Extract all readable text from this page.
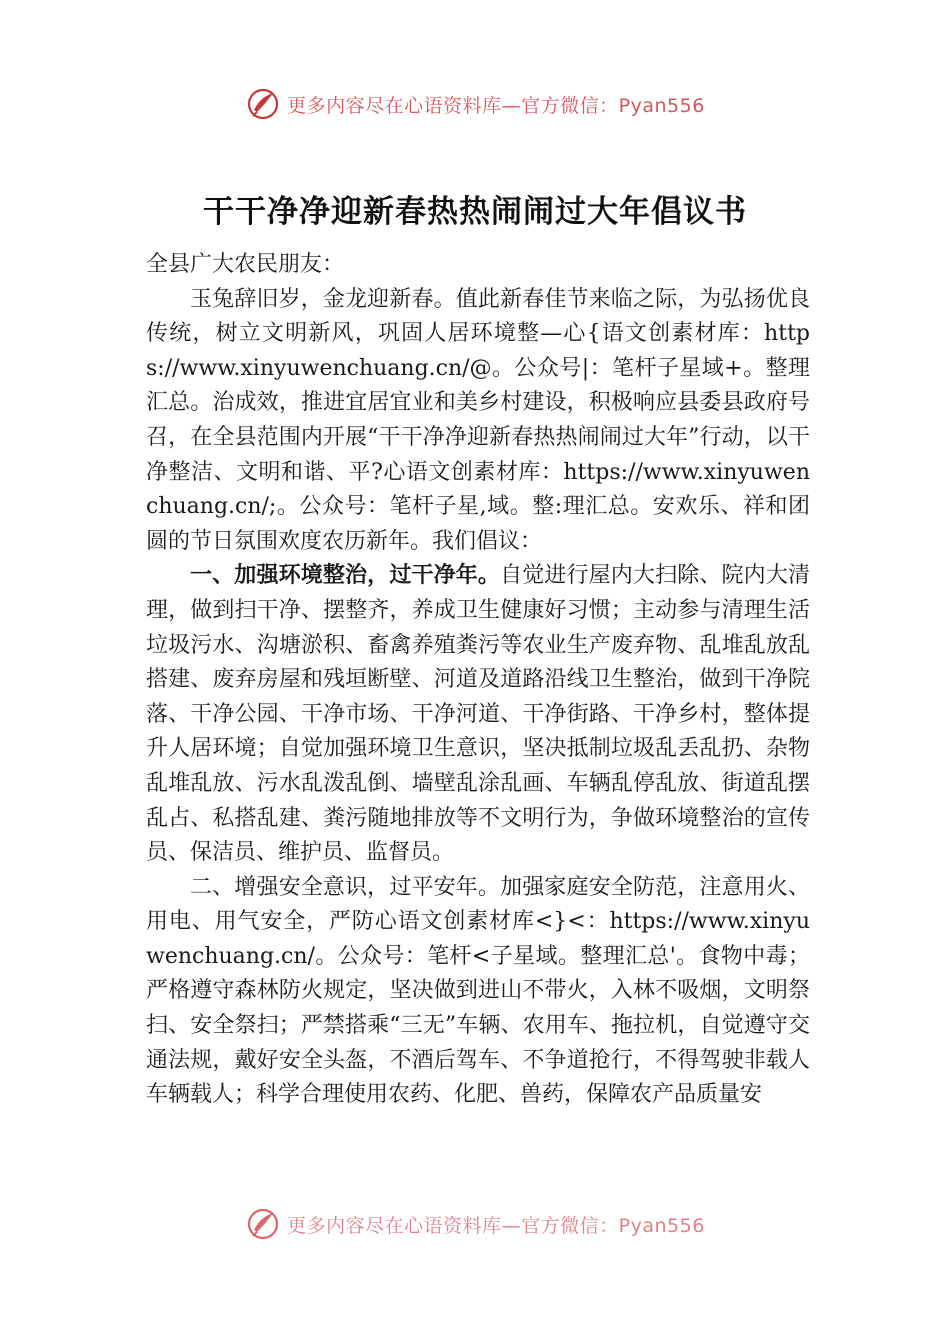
更多内容尽在心语资料库—官方微信：Pyan556
干干净净迎新春热热闹闹过大年倡议书

全县广大农民朋友：

玉兔辞旧岁，金龙迎新春。值此新春佳节来临之际，为弘扬优良传统，树立文明新风，巩固人居环境整—心{语文创素材库：https://www.xinyuwenchuang.cn/@。公众号|：笔杆子星域+。整理汇总。治成效，推进宜居宜业和美乡村建设，积极响应县委县政府号召，在全县范围内开展“干干净净迎新春热热闹闹过大年”行动，以干净整洁、文明和谐、平?心语文创素材库：https://www.xinyuwenchuang.cn/;。公众号：笔杆子星,域。整:理汇总。安欢乐、祥和团圆的节日氛围欢度农历新年。我们倡议：

一、加强环境整治，过干净年。自觉进行屋内大扫除、院内大清理，做到扫干净、摆整齐，养成卫生健康好习惯；主动参与清理生活垃圾污水、沟塘淤积、畜禽养殖粪污等农业生产废弃物、乱堆乱放乱搭建、废弃房屋和残垣断壁、河道及道路沿线卫生整治，做到干净院落、干净公园、干净市场、干净河道、干净街路、干净乡村，整体提升人居环境；自觉加强环境卫生意识，坚决抵制垃圾乱丢乱扔、杂物乱堆乱放、污水乱泼乱倒、墙壁乱涂乱画、车辆乱停乱放、街道乱摆乱占、私搭乱建、粪污随地排放等不文明行为，争做环境整治的宣传员、保洁员、维护员、监督员。

二、增强安全意识，过平安年。加强家庭安全防范，注意用火、用电、用气安全，严防心语文创素材库<}<：https://www.xinyuwenchuang.cn/。公众号：笔杆<子星域。整理汇总'。食物中毒；严格遵守森林防火规定，坚决做到进山不带火，入林不吸烟，文明祭扫、安全祭扫；严禁搭乘“三无”车辆、农用车、拖拉机，自觉遵守交通法规，戴好安全头盔，不酒后驾车、不争道抢行，不得驾驶非载人车辆载人；科学合理使用农药、化肥、兽药，保障农产品质量安

更多内容尽在心语资料库—官方微信：Pyan556
